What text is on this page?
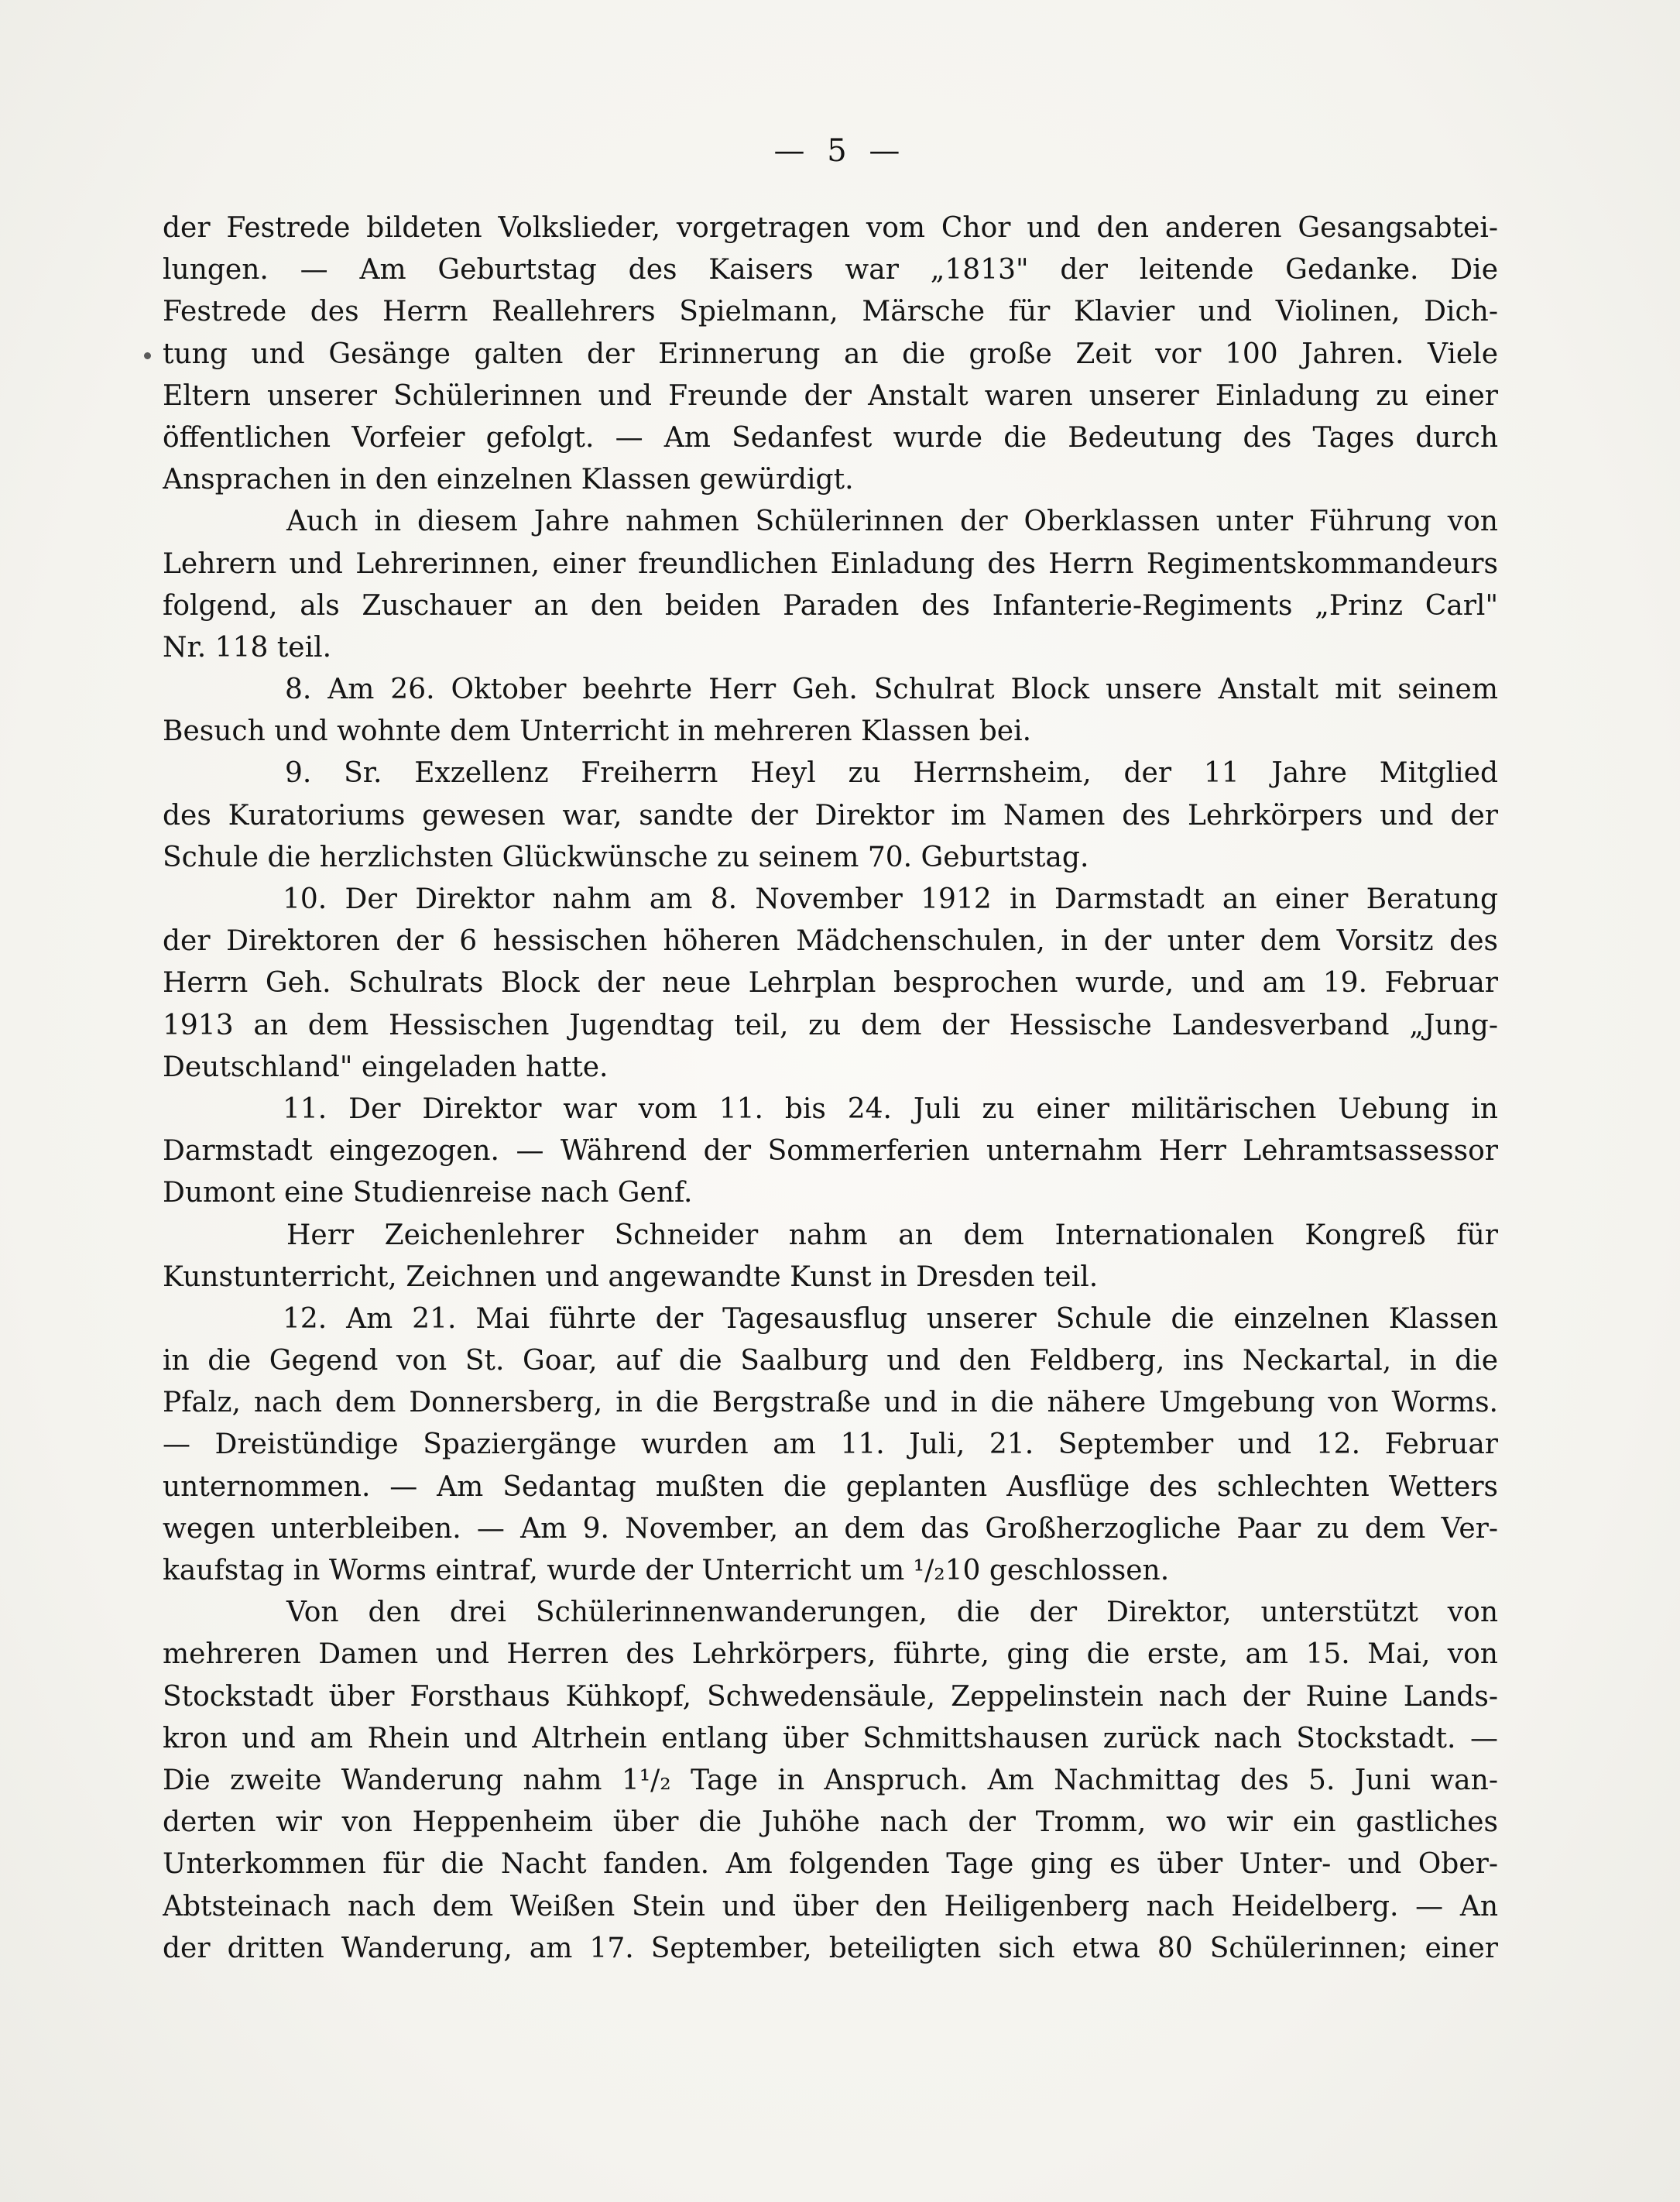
— 5 —
der Festrede bildeten Volkslieder, vorgetragen vom Chor und den anderen Gesangsabtei-
lungen. — Am Geburtstag des Kaisers war „1813" der leitende Gedanke. Die
Festrede des Herrn Reallehrers Spielmann, Märsche für Klavier und Violinen, Dich-
tung und Gesänge galten der Erinnerung an die große Zeit vor 100 Jahren. Viele
Eltern unserer Schülerinnen und Freunde der Anstalt waren unserer Einladung zu einer
öffentlichen Vorfeier gefolgt. — Am Sedanfest wurde die Bedeutung des Tages durch
Ansprachen in den einzelnen Klassen gewürdigt.
Auch in diesem Jahre nahmen Schülerinnen der Oberklassen unter Führung von
Lehrern und Lehrerinnen, einer freundlichen Einladung des Herrn Regimentskommandeurs
folgend, als Zuschauer an den beiden Paraden des Infanterie-Regiments „Prinz Carl"
Nr. 118 teil.
8. Am 26. Oktober beehrte Herr Geh. Schulrat Block unsere Anstalt mit seinem
Besuch und wohnte dem Unterricht in mehreren Klassen bei.
9. Sr. Exzellenz Freiherrn Heyl zu Herrnsheim, der 11 Jahre Mitglied
des Kuratoriums gewesen war, sandte der Direktor im Namen des Lehrkörpers und der
Schule die herzlichsten Glückwünsche zu seinem 70. Geburtstag.
10. Der Direktor nahm am 8. November 1912 in Darmstadt an einer Beratung
der Direktoren der 6 hessischen höheren Mädchenschulen, in der unter dem Vorsitz des
Herrn Geh. Schulrats Block der neue Lehrplan besprochen wurde, und am 19. Februar
1913 an dem Hessischen Jugendtag teil, zu dem der Hessische Landesverband „Jung-
Deutschland" eingeladen hatte.
11. Der Direktor war vom 11. bis 24. Juli zu einer militärischen Uebung in
Darmstadt eingezogen. — Während der Sommerferien unternahm Herr Lehramtsassessor
Dumont eine Studienreise nach Genf.
Herr Zeichenlehrer Schneider nahm an dem Internationalen Kongreß für
Kunstunterricht, Zeichnen und angewandte Kunst in Dresden teil.
12. Am 21. Mai führte der Tagesausflug unserer Schule die einzelnen Klassen
in die Gegend von St. Goar, auf die Saalburg und den Feldberg, ins Neckartal, in die
Pfalz, nach dem Donnersberg, in die Bergstraße und in die nähere Umgebung von Worms.
— Dreistündige Spaziergänge wurden am 11. Juli, 21. September und 12. Februar
unternommen. — Am Sedantag mußten die geplanten Ausflüge des schlechten Wetters
wegen unterbleiben. — Am 9. November, an dem das Großherzogliche Paar zu dem Ver-
kaufstag in Worms eintraf, wurde der Unterricht um ¹/₂10 geschlossen.
Von den drei Schülerinnenwanderungen, die der Direktor, unterstützt von
mehreren Damen und Herren des Lehrkörpers, führte, ging die erste, am 15. Mai, von
Stockstadt über Forsthaus Kühkopf, Schwedensäule, Zeppelinstein nach der Ruine Lands-
kron und am Rhein und Altrhein entlang über Schmittshausen zurück nach Stockstadt. —
Die zweite Wanderung nahm 1¹/₂ Tage in Anspruch. Am Nachmittag des 5. Juni wan-
derten wir von Heppenheim über die Juhöhe nach der Tromm, wo wir ein gastliches
Unterkommen für die Nacht fanden. Am folgenden Tage ging es über Unter- und Ober-
Abtsteinach nach dem Weißen Stein und über den Heiligenberg nach Heidelberg. — An
der dritten Wanderung, am 17. September, beteiligten sich etwa 80 Schülerinnen; einer
